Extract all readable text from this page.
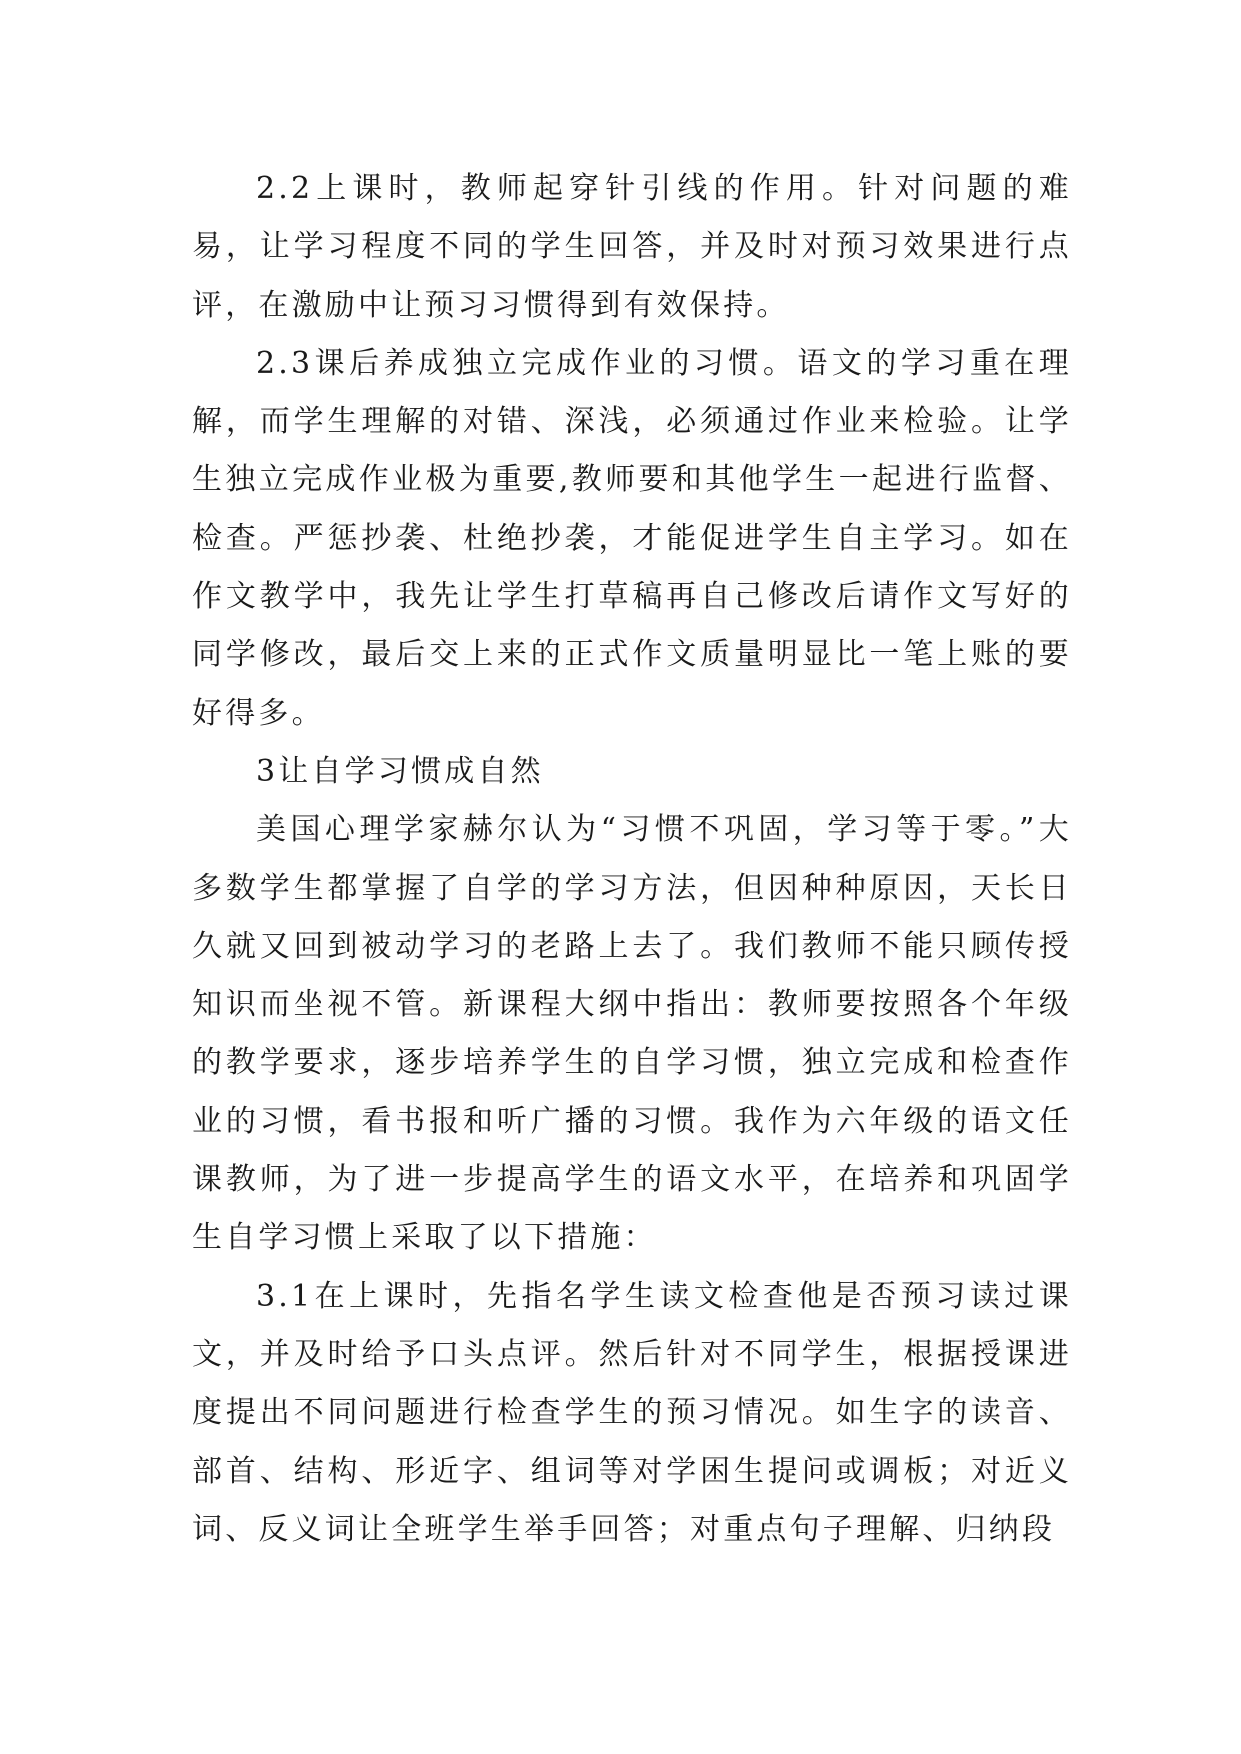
2.2上课时，教师起穿针引线的作用。针对问题的难易，让学习程度不同的学生回答，并及时对预习效果进行点评，在激励中让预习习惯得到有效保持。

2.3课后养成独立完成作业的习惯。语文的学习重在理解，而学生理解的对错、深浅，必须通过作业来检验。让学生独立完成作业极为重要,教师要和其他学生一起进行监督、检查。严惩抄袭、杜绝抄袭，才能促进学生自主学习。如在作文教学中，我先让学生打草稿再自己修改后请作文写好的同学修改，最后交上来的正式作文质量明显比一笔上账的要好得多。

3让自学习惯成自然

美国心理学家赫尔认为“习惯不巩固，学习等于零。”大多数学生都掌握了自学的学习方法，但因种种原因，天长日久就又回到被动学习的老路上去了。我们教师不能只顾传授知识而坐视不管。新课程大纲中指出：教师要按照各个年级的教学要求，逐步培养学生的自学习惯，独立完成和检查作业的习惯，看书报和听广播的习惯。我作为六年级的语文任课教师，为了进一步提高学生的语文水平，在培养和巩固学生自学习惯上采取了以下措施：

3.1在上课时，先指名学生读文检查他是否预习读过课文，并及时给予口头点评。然后针对不同学生，根据授课进度提出不同问题进行检查学生的预习情况。如生字的读音、部首、结构、形近字、组词等对学困生提问或调板；对近义词、反义词让全班学生举手回答；对重点句子理解、归纳段
